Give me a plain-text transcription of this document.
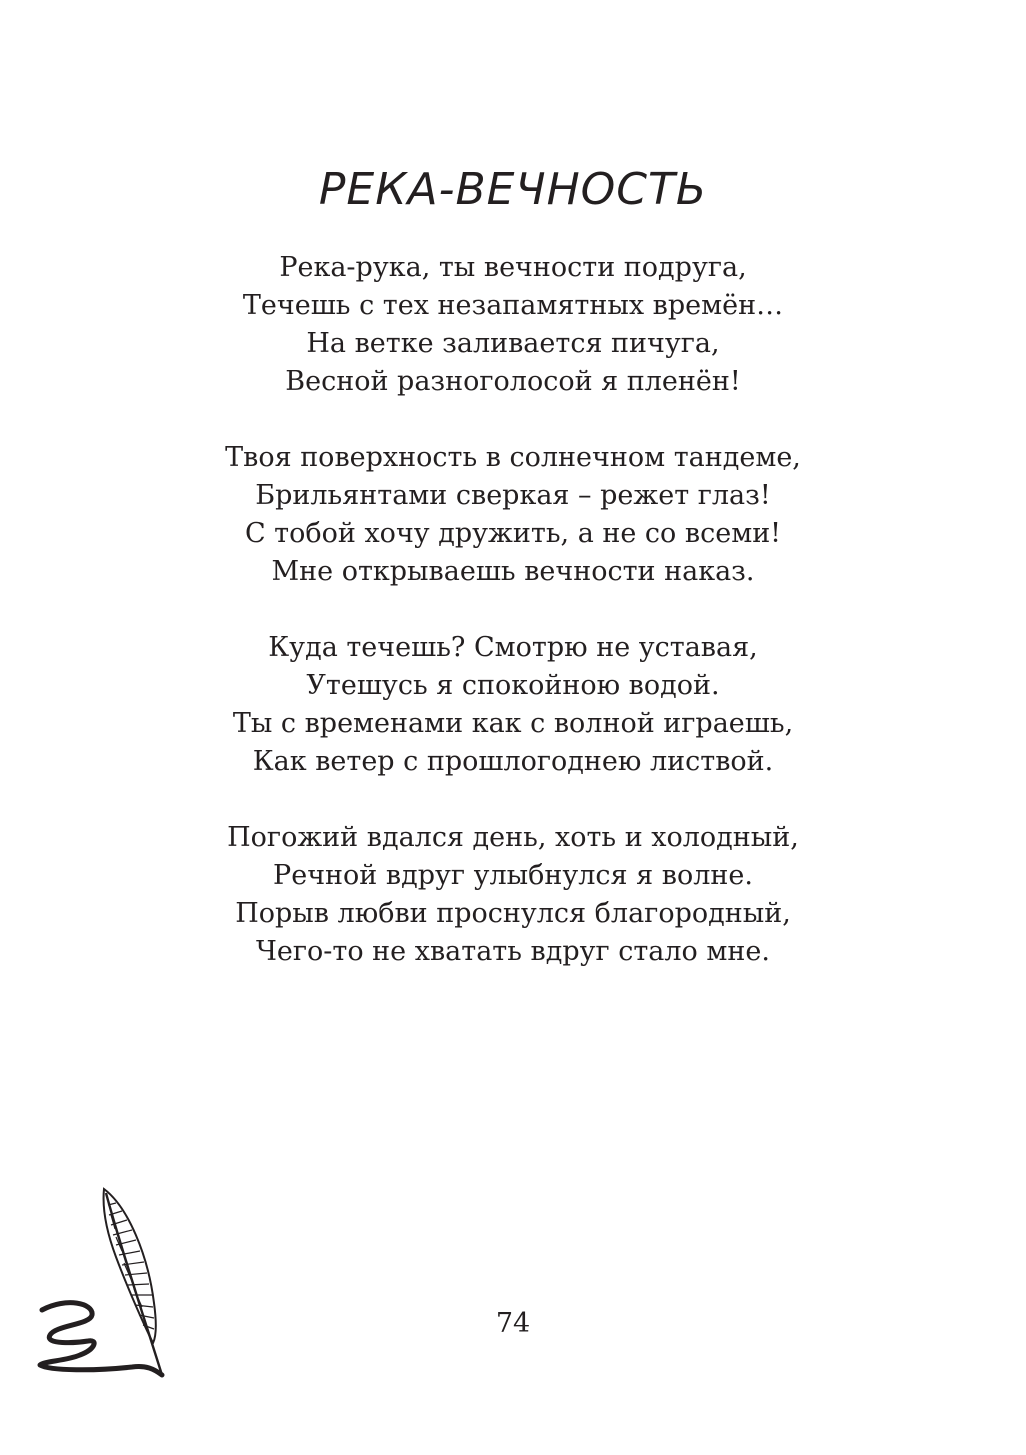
РЕКА-ВЕЧНОСТЬ
Река-рука, ты вечности подруга,
Течешь с тех незапамятных времён…
На ветке заливается пичуга,
Весной разноголосой я пленён!
Твоя поверхность в солнечном тандеме,
Брильянтами сверкая – режет глаз!
С тобой хочу дружить, а не со всеми!
Мне открываешь вечности наказ.
Куда течешь? Смотрю не уставая,
Утешусь я спокойною водой.
Ты с временами как с волной играешь,
Как ветер с прошлогоднею листвой.
Погожий вдался день, хоть и холодный,
Речной вдруг улыбнулся я волне.
Порыв любви проснулся благородный,
Чего-то не хватать вдруг стало мне.
74
